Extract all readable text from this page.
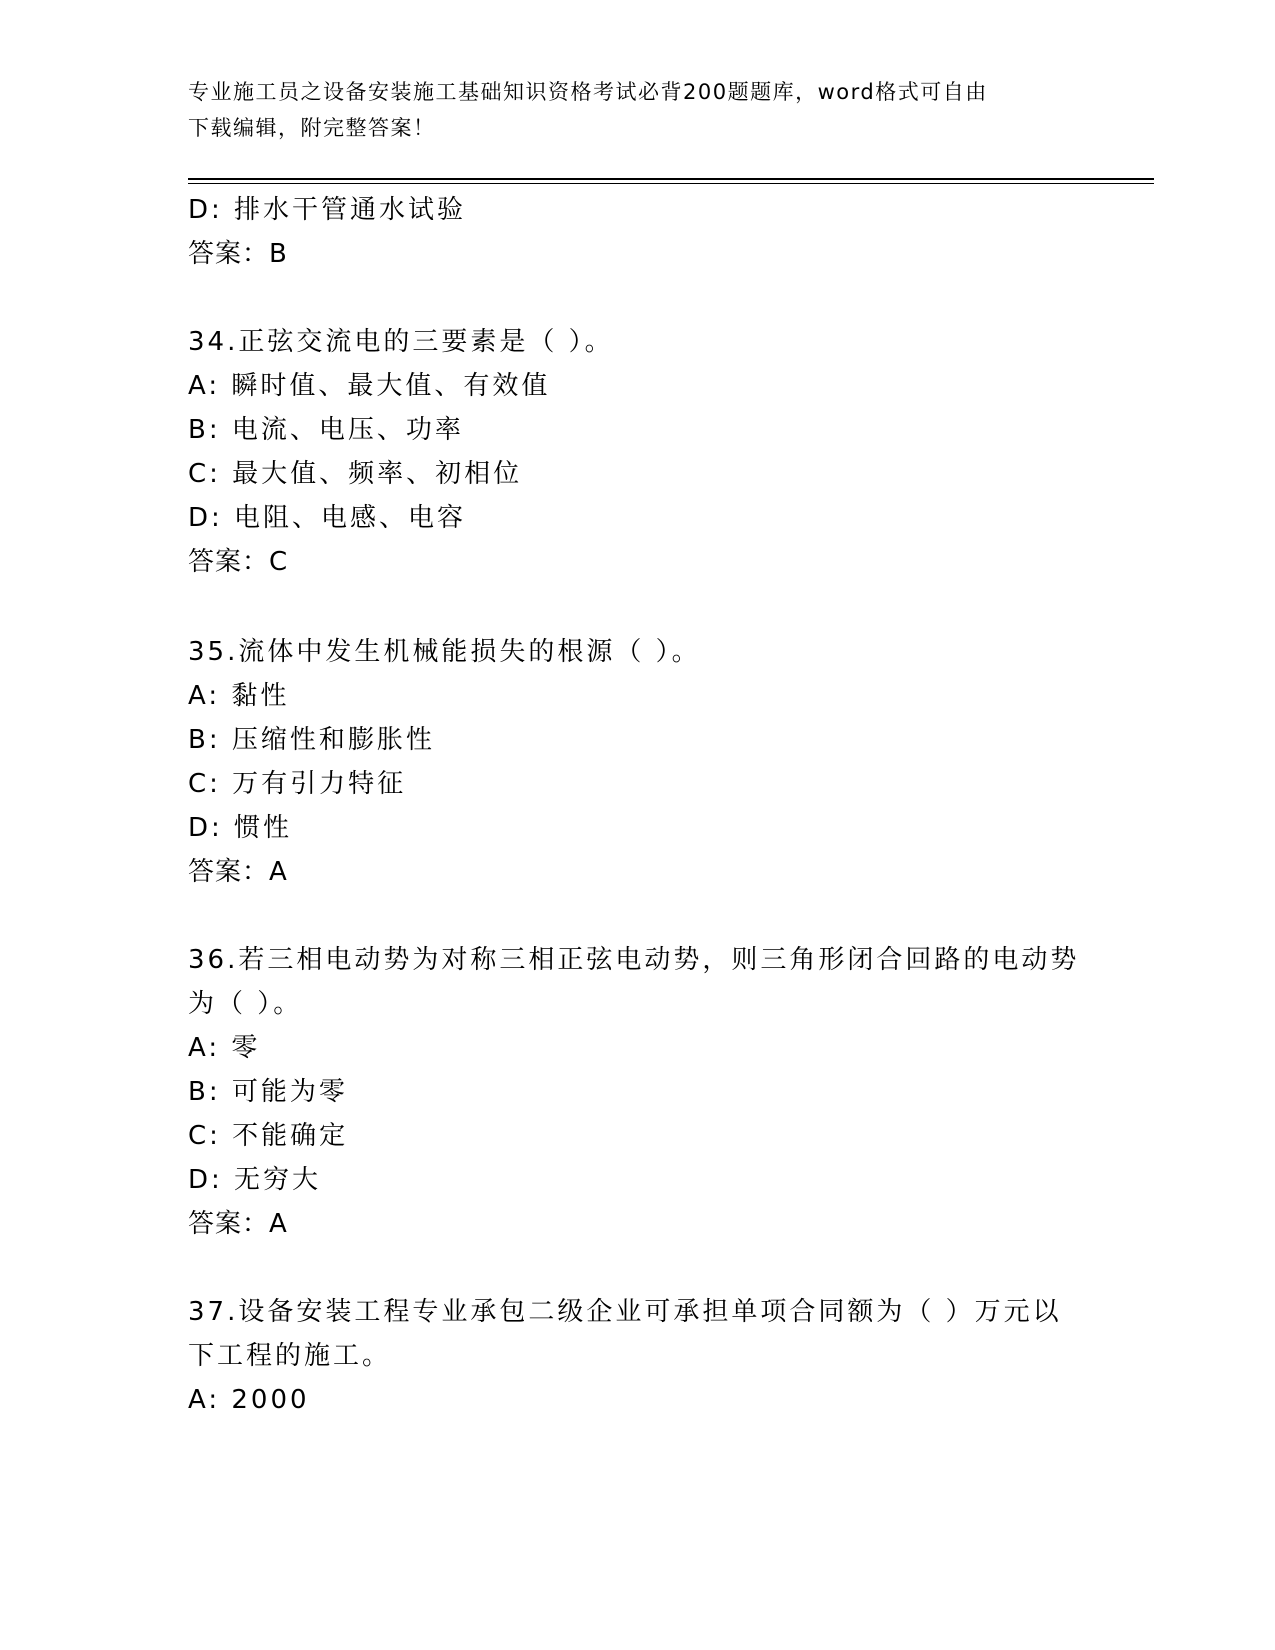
专业施工员之设备安装施工基础知识资格考试必背200题题库，word格式可自由
下载编辑，附完整答案！
D: 排水干管通水试验
答案：B
34.正弦交流电的三要素是（ ）。
A: 瞬时值、最大值、有效值
B: 电流、电压、功率
C: 最大值、频率、初相位
D: 电阻、电感、电容
答案：C
35.流体中发生机械能损失的根源（ ）。
A: 黏性
B: 压缩性和膨胀性
C: 万有引力特征
D: 惯性
答案：A
36.若三相电动势为对称三相正弦电动势，则三角形闭合回路的电动势
为（ ）。
A: 零
B: 可能为零
C: 不能确定
D: 无穷大
答案：A
37.设备安装工程专业承包二级企业可承担单项合同额为（ ）万元以
下工程的施工。
A: 2000
